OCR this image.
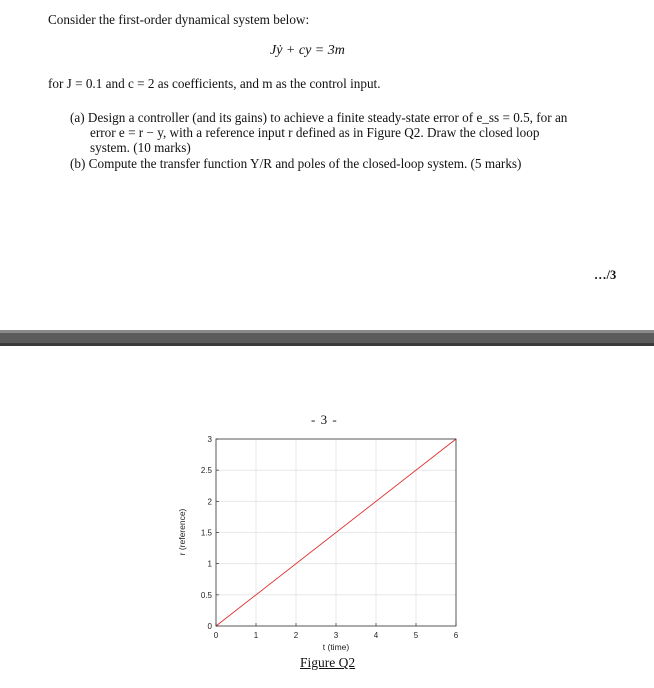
Consider the first-order dynamical system below:
Jẏ + cy = 3m
for J = 0.1 and c = 2 as coefficients, and m as the control input.
(a) Design a controller (and its gains) to achieve a finite steady-state error of e_ss = 0.5, for an
error e = r − y, with a reference input r defined as in Figure Q2. Draw the closed loop
system. (10 marks)
(b) Compute the transfer function Y/R and poles of the closed-loop system. (5 marks)
…/3
- 3 -
0
0.5
1
1.5
2
2.5
3
0	1	2	3	4	5	6
t (time)
r (reference)
Figure Q2
